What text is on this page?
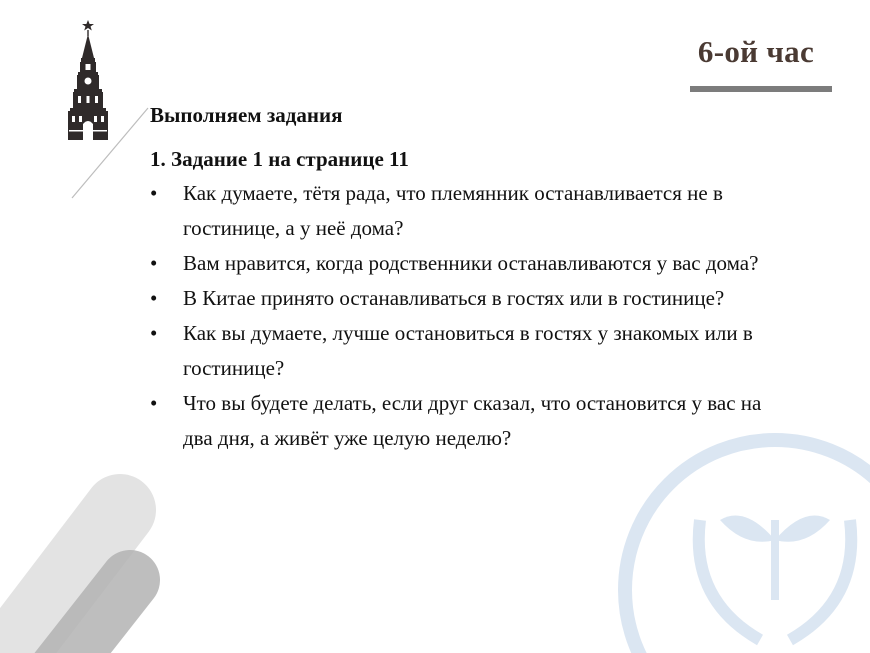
6-ой час

Выполняем задания

1. Задание 1 на странице 11

• Как думаете, тётя рада, что племянник останавливается не в гостинице, а у неё дома?
• Вам нравится, когда родственники останавливаются у вас дома?
• В Китае принято останавливаться в гостях или в гостинице?
• Как вы думаете, лучше остановиться в гостях у знакомых или в гостинице?
• Что вы будете делать, если друг сказал, что остановится у вас на два дня, а живёт уже целую неделю?
